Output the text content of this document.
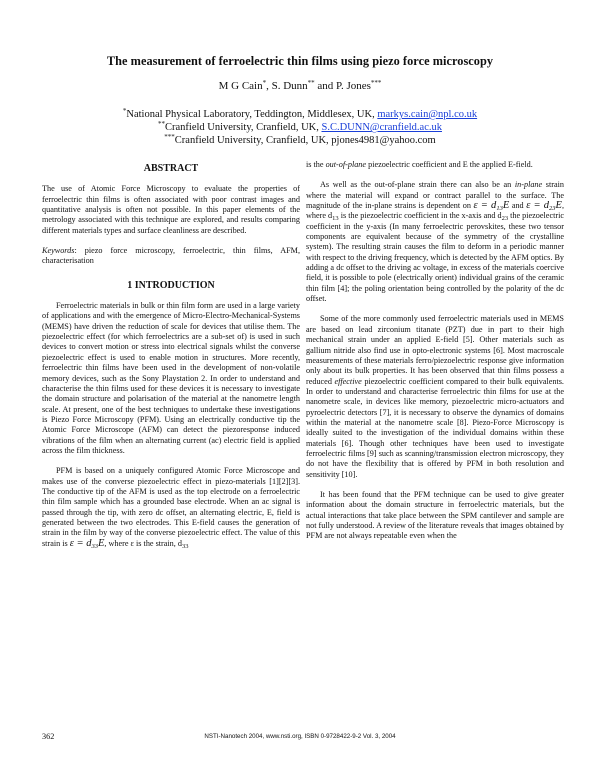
The measurement of ferroelectric thin films using piezo force microscopy
M G Cain*, S. Dunn** and P. Jones***
*National Physical Laboratory, Teddington, Middlesex, UK, markys.cain@npl.co.uk
**Cranfield University, Cranfield, UK, S.C.DUNN@cranfield.ac.uk
***Cranfield University, Cranfield, UK, pjones4981@yahoo.com
ABSTRACT

The use of Atomic Force Microscopy to evaluate the properties of ferroelectric thin films is often associated with poor contrast images and quantitative analysis is often not possible. In this paper elements of the metrology associated with this technique are explored, and results comparing different materials types and surface cleanliness are described.

Keywords: piezo force microscopy, ferroelectric, thin films, AFM, characterisation

1 INTRODUCTION

Ferroelectric materials in bulk or thin film form are used in a large variety of applications and with the emergence of Micro-Electro-Mechanical-Systems (MEMS) have driven the reduction of scale for devices that utilise them. The piezoelectric effect (for which ferroelectrics are a sub-set of) is used in such devices to convert motion or stress into electrical signals whilst the converse piezoelectric effect is used to enable motion in structures. More recently, ferroelectric thin films have been used in the development of non-volatile memory devices, such as the Sony Playstation 2. In order to understand and characterise the thin films used for these devices it is necessary to investigate the domain structure and polarisation of the material at the nanometre length scale. At present, one of the best techniques to undertake these investigations is Piezo Force Microscopy (PFM). Using an electrically conductive tip the Atomic Force Microscope (AFM) can detect the piezoresponse induced vibrations of the film when an alternating current (ac) electric field is applied across the film thickness.

PFM is based on a uniquely configured Atomic Force Microscope and makes use of the converse piezoelectric effect in piezo-materials [1][2][3]. The conductive tip of the AFM is used as the top electrode on a ferroelectric thin film sample which has a grounded base electrode. When an ac signal is passed through the tip, with zero dc offset, an alternating electric, E, field is generated between the two electrodes. This E-field causes the generation of strain in the film by way of the converse piezoelectric effect. The value of this strain is $\varepsilon = d_{33}E$, where ε is the strain, $d_{33}$

is the out-of-plane piezoelectric coefficient and E the applied E-field.

As well as the out-of-plane strain there can also be an in-plane strain where the material will expand or contract parallel to the surface. The magnitude of the in-plane strains is dependent on $\varepsilon = d_{13}E$ and $\varepsilon = d_{23}E$, where $d_{13}$ is the piezoelectric coefficient in the x-axis and $d_{23}$ the piezoelectric coefficient in the y-axis (In many ferroelectric perovskites, these two tensor components are equivalent because of the symmetry of the crystalline system). The resulting strain causes the film to deform in a periodic manner with respect to the driving frequency, which is detected by the AFM optics. By adding a dc offset to the driving ac voltage, in excess of the materials coercive field, it is possible to pole (electrically orient) individual grains of the ceramic thin film [4]; the poling orientation being controlled by the polarity of the dc offset.

Some of the more commonly used ferroelectric materials used in MEMS are based on lead zirconium titanate (PZT) due in part to their high mechanical strain under an applied E-field [5]. Other materials such as gallium nitride also find use in opto-electronic systems [6]. Most macroscale measurements of these materials ferro/piezoelectric response give information only about its bulk properties. It has been observed that thin films possess a reduced effective piezoelectric coefficient compared to their bulk equivalents. In order to understand and characterise ferroelectric thin films for use at the nanometre scale, in devices like memory, piezoelectric micro-actuators and pyroelectric detectors [7], it is necessary to observe the dynamics of domains within the material at the nanometre scale [8]. Piezo-Force Microscopy is ideally suited to the investigation of the individual domains within these materials [6]. Though other techniques have been used to investigate ferroelectric films [9] such as scanning/transmission electron microscopy, they do not have the flexibility that is offered by PFM in both resolution and sensitivity [10].

It has been found that the PFM technique can be used to give greater information about the domain structure in ferroelectric materials, but the actual interactions that take place between the SPM cantilever and sample are not fully understood. A review of the literature reveals that images obtained by PFM are not always repeatable even when the

362	NSTI-Nanotech 2004, www.nsti.org, ISBN 0-9728422-9-2 Vol. 3, 2004
